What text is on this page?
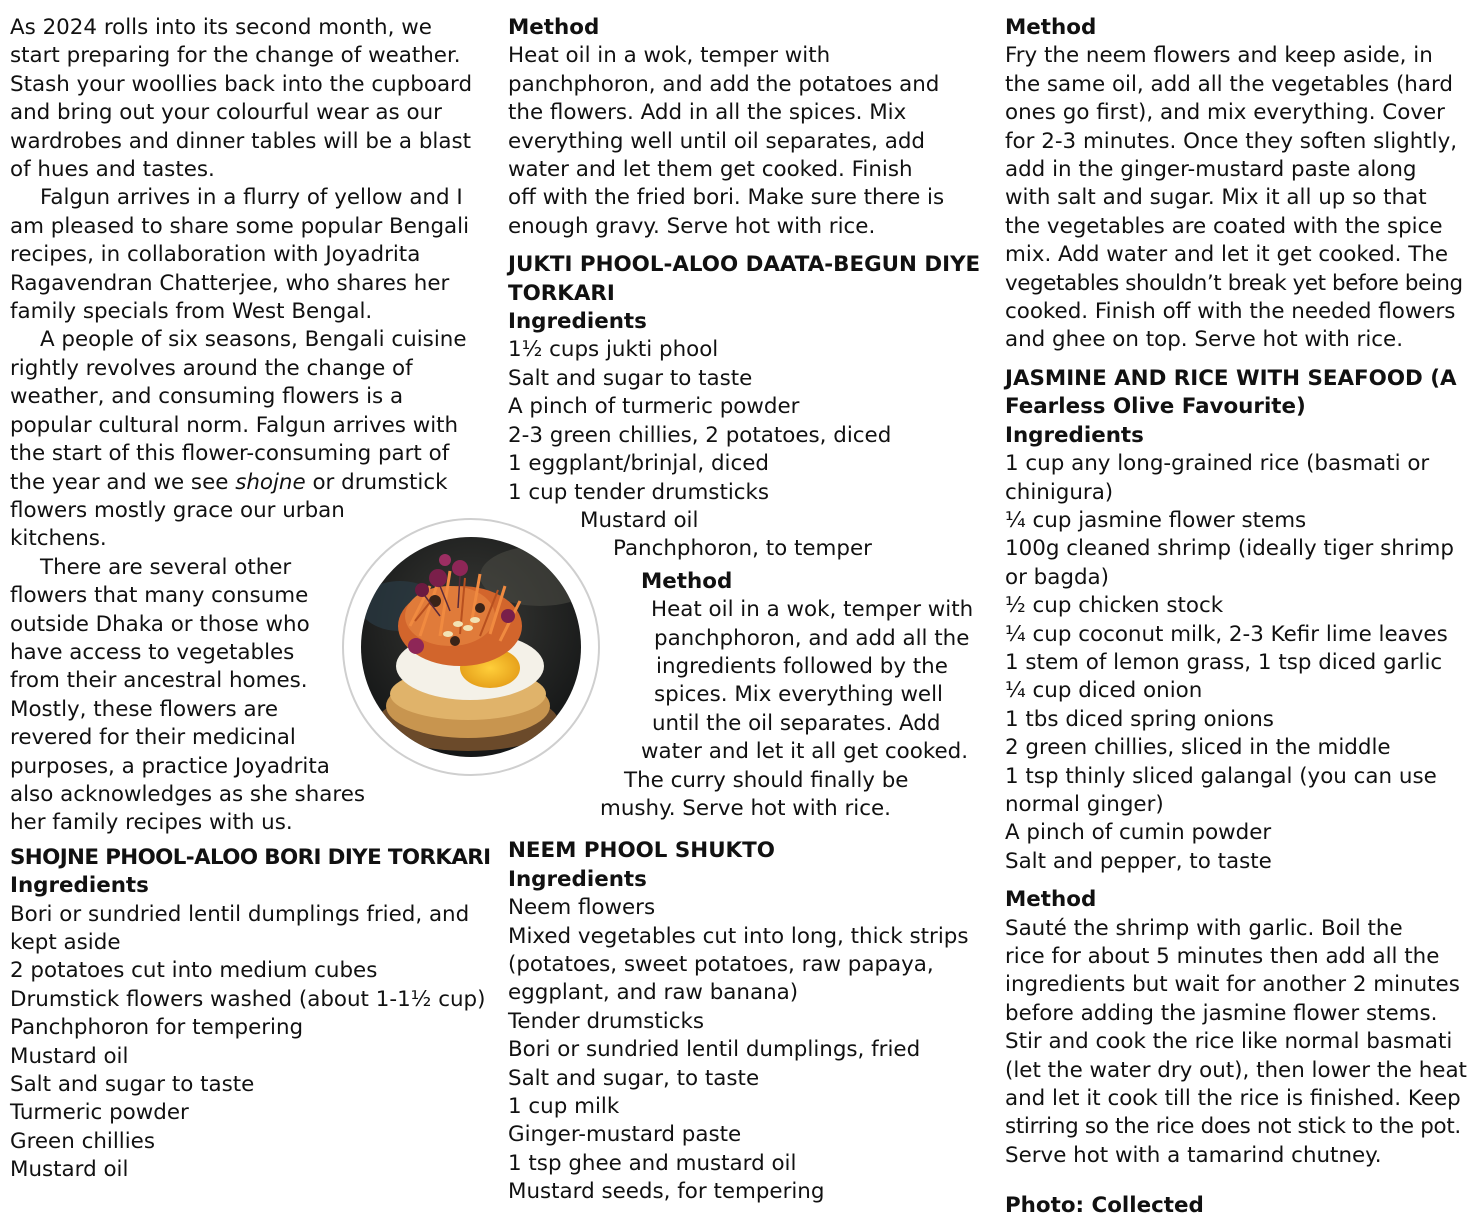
As 2024 rolls into its second month, we
start preparing for the change of weather.
Stash your woollies back into the cupboard
and bring out your colourful wear as our
wardrobes and dinner tables will be a blast
of hues and tastes.
Falgun arrives in a flurry of yellow and I
am pleased to share some popular Bengali
recipes, in collaboration with Joyadrita
Ragavendran Chatterjee, who shares her
family specials from West Bengal.
A people of six seasons, Bengali cuisine
rightly revolves around the change of
weather, and consuming flowers is a
popular cultural norm. Falgun arrives with
the start of this flower-consuming part of
the year and we see shojne or drumstick
flowers mostly grace our urban
kitchens.
There are several other
flowers that many consume
outside Dhaka or those who
have access to vegetables
from their ancestral homes.
Mostly, these flowers are
revered for their medicinal
purposes, a practice Joyadrita
also acknowledges as she shares
her family recipes with us.
SHOJNE PHOOL-ALOO BORI DIYE TORKARI
Ingredients
Bori or sundried lentil dumplings fried, and
kept aside
2 potatoes cut into medium cubes
Drumstick flowers washed (about 1-1½ cup)
Panchphoron for tempering
Mustard oil
Salt and sugar to taste
Turmeric powder
Green chillies
Mustard oil
Method
Heat oil in a wok, temper with
panchphoron, and add the potatoes and
the flowers. Add in all the spices. Mix
everything well until oil separates, add
water and let them get cooked. Finish
off with the fried bori. Make sure there is
enough gravy. Serve hot with rice.
JUKTI PHOOL-ALOO DAATA-BEGUN DIYE
TORKARI
Ingredients
1½ cups jukti phool
Salt and sugar to taste
A pinch of turmeric powder
2-3 green chillies, 2 potatoes, diced
1 eggplant/brinjal, diced
1 cup tender drumsticks
Mustard oil
Panchphoron, to temper
Method
Heat oil in a wok, temper with
panchphoron, and add all the
ingredients followed by the
spices. Mix everything well
until the oil separates. Add
water and let it all get cooked.
The curry should finally be
mushy. Serve hot with rice.
NEEM PHOOL SHUKTO
Ingredients
Neem flowers
Mixed vegetables cut into long, thick strips
(potatoes, sweet potatoes, raw papaya,
eggplant, and raw banana)
Tender drumsticks
Bori or sundried lentil dumplings, fried
Salt and sugar, to taste
1 cup milk
Ginger-mustard paste
1 tsp ghee and mustard oil
Mustard seeds, for tempering
Method
Fry the neem flowers and keep aside, in
the same oil, add all the vegetables (hard
ones go first), and mix everything. Cover
for 2-3 minutes. Once they soften slightly,
add in the ginger-mustard paste along
with salt and sugar. Mix it all up so that
the vegetables are coated with the spice
mix. Add water and let it get cooked. The
vegetables shouldn’t break yet before being
cooked. Finish off with the needed flowers
and ghee on top. Serve hot with rice.
JASMINE AND RICE WITH SEAFOOD (A
Fearless Olive Favourite)
Ingredients
1 cup any long-grained rice (basmati or
chinigura)
¼ cup jasmine flower stems
100g cleaned shrimp (ideally tiger shrimp
or bagda)
½ cup chicken stock
¼ cup coconut milk, 2-3 Kefir lime leaves
1 stem of lemon grass, 1 tsp diced garlic
¼ cup diced onion
1 tbs diced spring onions
2 green chillies, sliced in the middle
1 tsp thinly sliced galangal (you can use
normal ginger)
A pinch of cumin powder
Salt and pepper, to taste
Method
Sauté the shrimp with garlic. Boil the
rice for about 5 minutes then add all the
ingredients but wait for another 2 minutes
before adding the jasmine flower stems.
Stir and cook the rice like normal basmati
(let the water dry out), then lower the heat
and let it cook till the rice is finished. Keep
stirring so the rice does not stick to the pot.
Serve hot with a tamarind chutney.
Photo: Collected
